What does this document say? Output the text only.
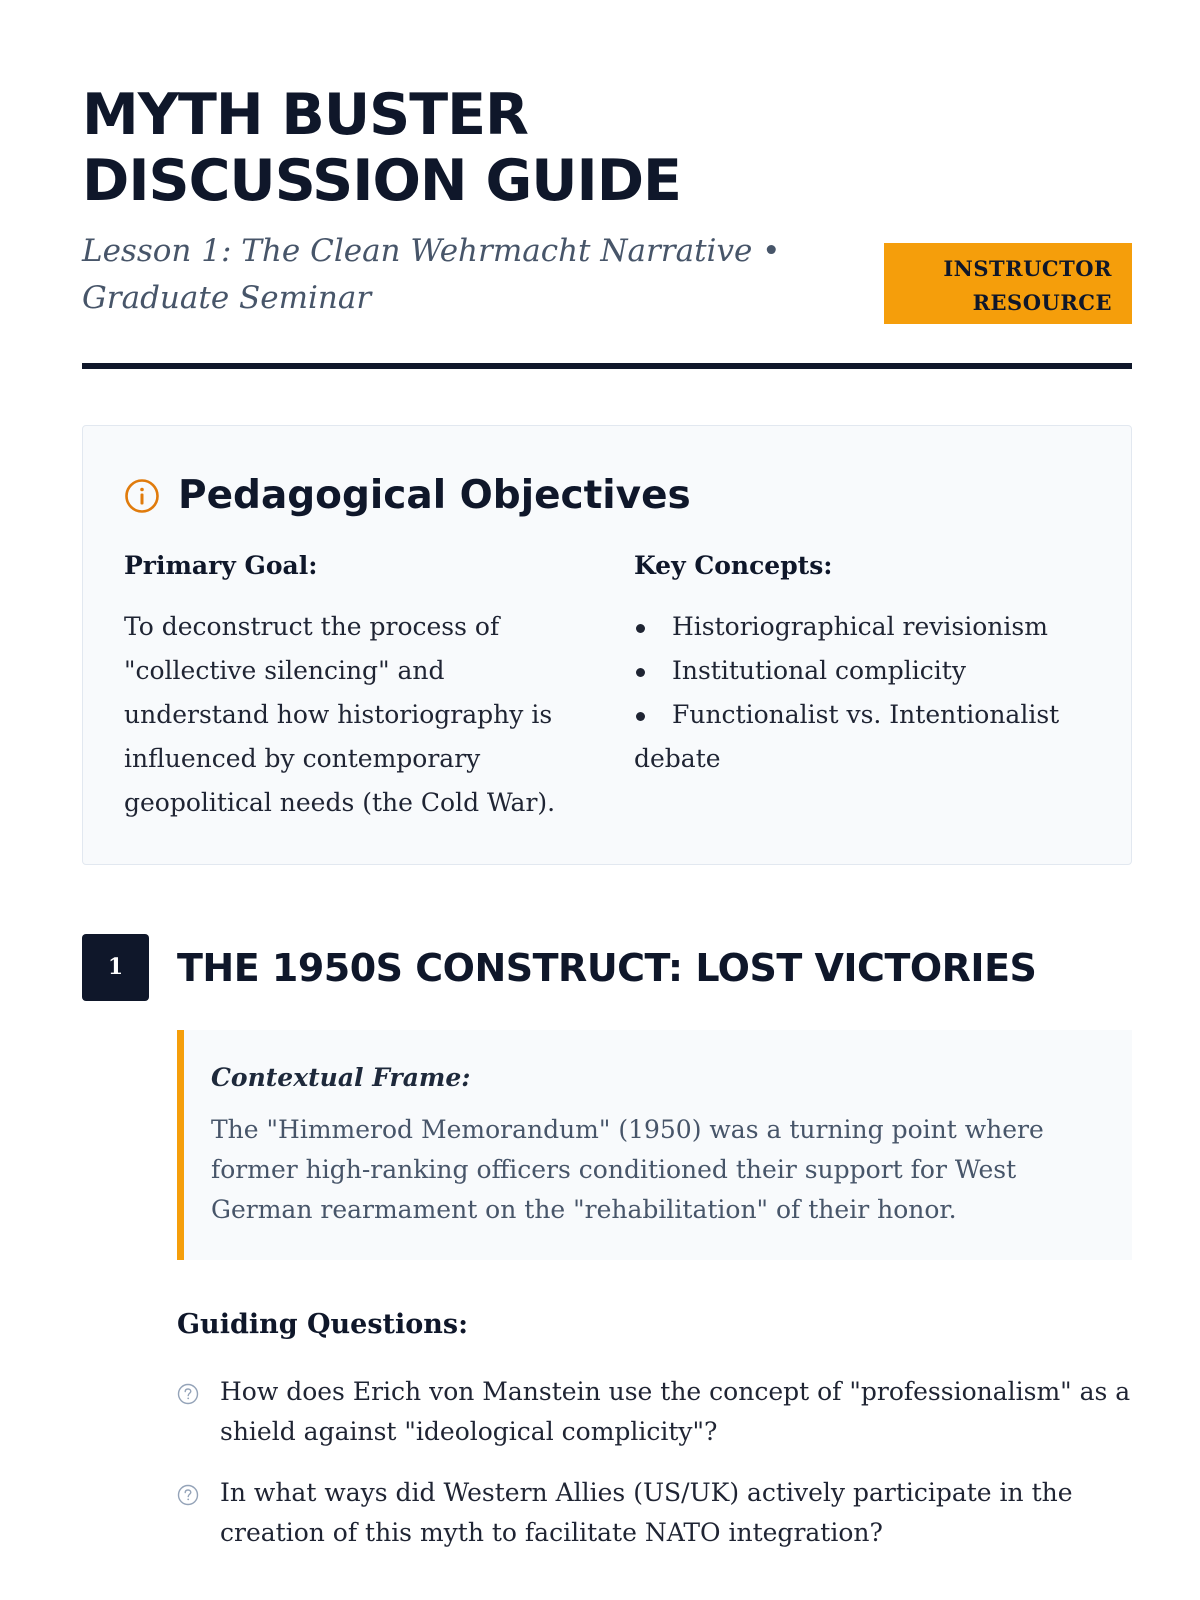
MYTH BUSTER
DISCUSSION GUIDE

Lesson 1: The Clean Wehrmacht Narrative • Graduate Seminar

INSTRUCTOR
RESOURCE
Pedagogical Objectives

Primary Goal:

To deconstruct the process of "collective silencing" and understand how historiography is influenced by contemporary geopolitical needs (the Cold War).

Key Concepts:

Historiographical revisionism
Institutional complicity
Functionalist vs. Intentionalist debate
1	THE 1950S CONSTRUCT: LOST VICTORIES

Contextual Frame:

The "Himmerod Memorandum" (1950) was a turning point where former high-ranking officers conditioned their support for West German rearmament on the "rehabilitation" of their honor.

Guiding Questions:
How does Erich von Manstein use the concept of "professionalism" as a shield against "ideological complicity"?
In what ways did Western Allies (US/UK) actively participate in the creation of this myth to facilitate NATO integration?
